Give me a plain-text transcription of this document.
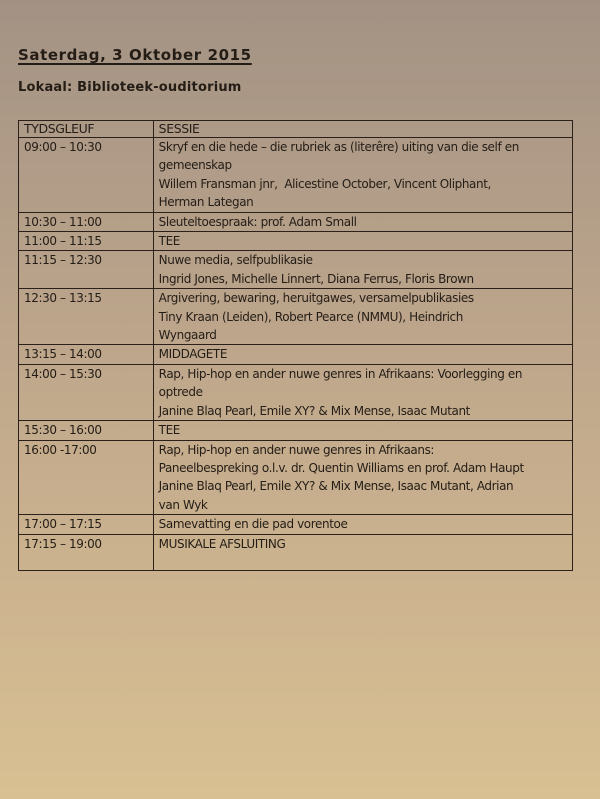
Saterdag, 3 Oktober 2015

Lokaal: Biblioteek-ouditorium

TYDSGLEUF	SESSIE
09:00 – 10:30	Skryf en die hede – die rubriek as (literêre) uiting van die self en
gemeenskap
Willem Fransman jnr,  Alicestine October, Vincent Oliphant,
Herman Lategan

10:30 – 11:00	Sleuteltoespraak: prof. Adam Small

11:00 – 11:15	TEE

11:15 – 12:30	Nuwe media, selfpublikasie
Ingrid Jones, Michelle Linnert, Diana Ferrus, Floris Brown

12:30 – 13:15	Argivering, bewaring, heruitgawes, versamelpublikasies
Tiny Kraan (Leiden), Robert Pearce (NMMU), Heindrich
Wyngaard

13:15 – 14:00	MIDDAGETE

14:00 – 15:30	Rap, Hip-hop en ander nuwe genres in Afrikaans: Voorlegging en
optrede
Janine Blaq Pearl, Emile XY? & Mix Mense, Isaac Mutant

15:30 – 16:00	TEE

16:00 -17:00	Rap, Hip-hop en ander nuwe genres in Afrikaans:
Paneelbespreking o.l.v. dr. Quentin Williams en prof. Adam Haupt
Janine Blaq Pearl, Emile XY? & Mix Mense, Isaac Mutant, Adrian
van Wyk

17:00 – 17:15	Samevatting en die pad vorentoe

17:15 – 19:00	MUSIKALE AFSLUITING
